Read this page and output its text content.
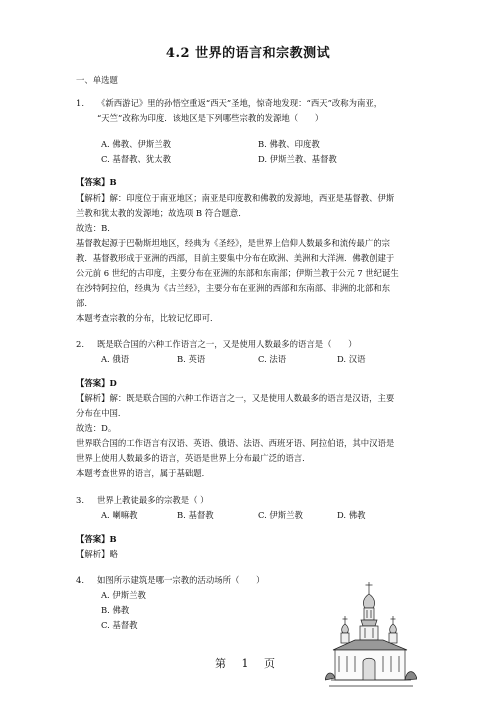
4.2 世界的语言和宗教测试
一、单选题
1. 《新西游记》里的孙悟空重返“西天”圣地，惊奇地发现：“西天”改称为南亚，
“天竺”改称为印度．该地区是下列哪些宗教的发源地（　　）
A. 佛教、伊斯兰教	B. 佛教、印度教
C. 基督教、犹太教	D. 伊斯兰教、基督教
【答案】B
【解析】解：印度位于南亚地区；南亚是印度教和佛教的发源地，西亚是基督教、伊斯
兰教和犹太教的发源地；故选项 B 符合题意．
故选：B．
基督教起源于巴勒斯坦地区，经典为《圣经》，是世界上信仰人数最多和流传最广的宗
教．基督教形成于亚洲的西部，目前主要集中分布在欧洲、美洲和大洋洲．佛教创建于
公元前 6 世纪的古印度，主要分布在亚洲的东部和东南部；伊斯兰教于公元 7 世纪诞生
在沙特阿拉伯，经典为《古兰经》，主要分布在亚洲的西部和东南部、非洲的北部和东
部．
本题考查宗教的分布，比较记忆即可．
2. 既是联合国的六种工作语言之一，又是使用人数最多的语言是（　　）
A. 俄语	B. 英语	C. 法语	D. 汉语
【答案】D
【解析】解：既是联合国的六种工作语言之一，又是使用人数最多的语言是汉语，主要
分布在中国．
故选：D。
世界联合国的工作语言有汉语、英语、俄语、法语、西班牙语、阿拉伯语，其中汉语是
世界上使用人数最多的语言，英语是世界上分布最广泛的语言．
本题考查世界的语言，属于基础题．
3. 世界上教徒最多的宗教是（ ）
A. 喇嘛教	B. 基督教	C. 伊斯兰教	D. 佛教
【答案】B
【解析】略
4. 如图所示建筑是哪一宗教的活动场所（　　）
A. 伊斯兰教
B. 佛教
C. 基督教
第 1 页
